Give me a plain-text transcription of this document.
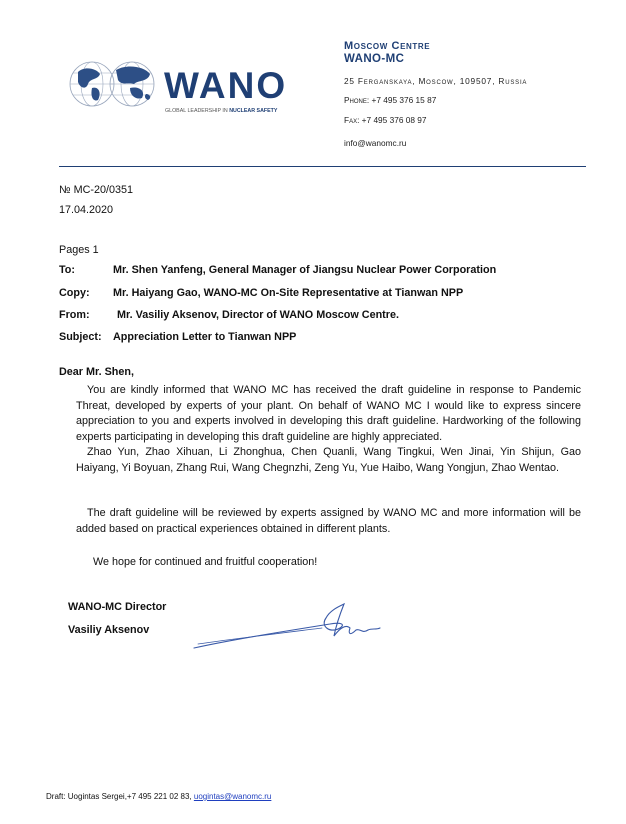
WANO
GLOBAL LEADERSHIP IN NUCLEAR SAFETY
Moscow Centre
WANO-MC
25 Ferganskaya, Moscow, 109507, Russia
Phone: +7 495 376 15 87
Fax: +7 495 376 08 97
info@wanomc.ru
№ MC-20/0351
17.04.2020
Pages 1
To:	Mr. Shen Yanfeng, General Manager of Jiangsu Nuclear Power Corporation
Copy: Mr. Haiyang Gao, WANO-MC On-Site Representative at Tianwan NPP
From:	Mr. Vasiliy Aksenov, Director of WANO Moscow Centre.
Subject: Appreciation Letter to Tianwan NPP
Dear Mr. Shen,

You are kindly informed that WANO MC has received the draft guideline in response to Pandemic Threat, developed by experts of your plant. On behalf of WANO MC I would like to express sincere appreciation to you and experts involved in developing this draft guideline. Hardworking of the following experts participating in developing this draft guideline are highly appreciated.

Zhao Yun, Zhao Xihuan, Li Zhonghua, Chen Quanli, Wang Tingkui, Wen Jinai, Yin Shijun, Gao Haiyang, Yi Boyuan, Zhang Rui, Wang Chegnzhi, Zeng Yu, Yue Haibo, Wang Yongjun, Zhao Wentao.

The draft guideline will be reviewed by experts assigned by WANO MC and more information will be added based on practical experiences obtained in different plants.

We hope for continued and fruitful cooperation!

WANO-MC Director
Vasiliy Aksenov
Draft: Uogintas Sergei,+7 495 221 02 83, uogintas@wanomc.ru
